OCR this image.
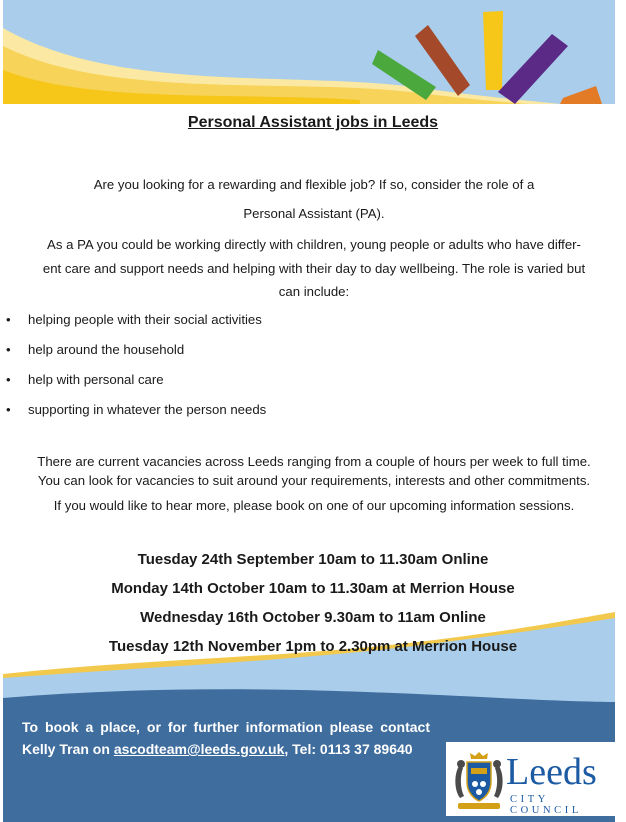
Personal Assistant jobs in Leeds
Are you looking for a rewarding and flexible job? If so, consider the role of a
Personal Assistant (PA).
As a PA you could be working directly with children, young people or adults who have differ-
ent care and support needs and helping with their day to day wellbeing. The role is varied but
can include:
• helping people with their social activities
• help around the household
• help with personal care
• supporting in whatever the person needs
There are current vacancies across Leeds ranging from a couple of hours per week to full time.
You can look for vacancies to suit around your requirements, interests and other commitments.
If you would like to hear more, please book on one of our upcoming information sessions.
Tuesday 24th September 10am to 11.30am Online
Monday 14th October 10am to 11.30am at Merrion House
Wednesday 16th October 9.30am to 11am Online
Tuesday 12th November 1pm to 2.30pm at Merrion House
To book a place, or for further information please contact Kelly Tran on ascodteam@leeds.gov.uk, Tel: 0113 37 89640
Leeds
CITY COUNCIL
